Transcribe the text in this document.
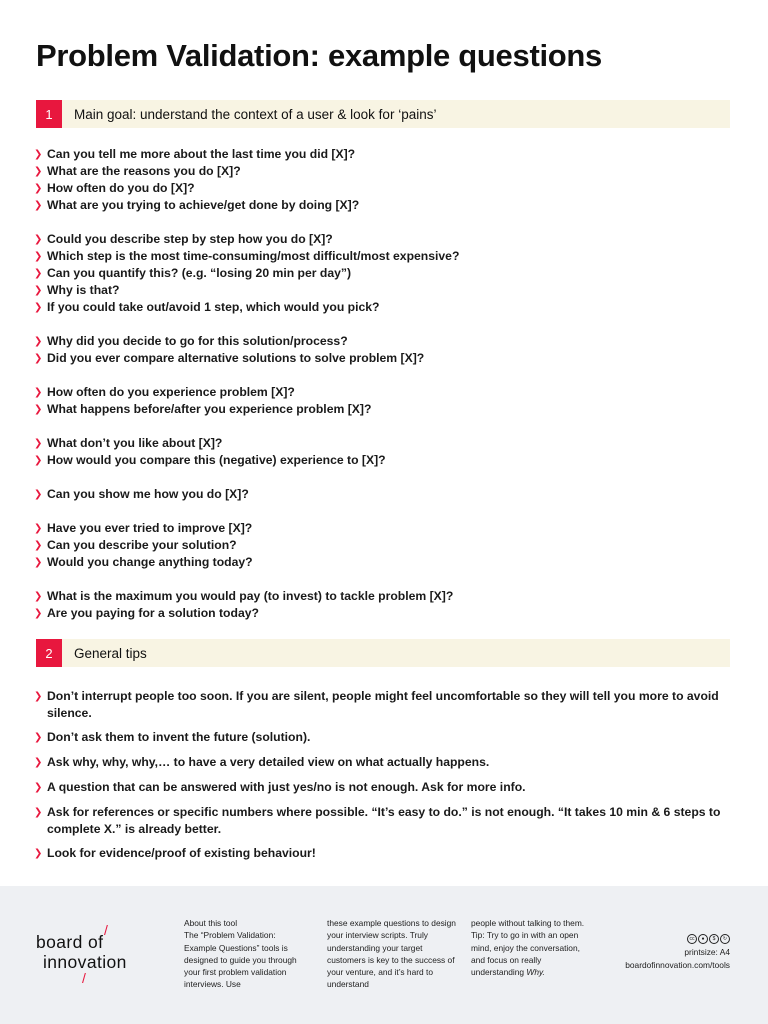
Problem Validation: example questions
1	Main goal: understand the context of a user & look for ‘pains’
❯ Can you tell me more about the last time you did [X]?
❯ What are the reasons you do [X]?
❯ How often do you do [X]?
❯ What are you trying to achieve/get done by doing [X]?
❯ Could you describe step by step how you do [X]?
❯ Which step is the most time-consuming/most difficult/most expensive?
❯ Can you quantify this? (e.g. “losing 20 min per day”)
❯ Why is that?
❯ If you could take out/avoid 1 step, which would you pick?
❯ Why did you decide to go for this solution/process?
❯ Did you ever compare alternative solutions to solve problem [X]?
❯ How often do you experience problem [X]?
❯ What happens before/after you experience problem [X]?
❯ What don’t you like about [X]?
❯ How would you compare this (negative) experience to [X]?
❯ Can you show me how you do [X]?
❯ Have you ever tried to improve [X]?
❯ Can you describe your solution?
❯ Would you change anything today?
❯ What is the maximum you would pay (to invest) to tackle problem [X]?
❯ Are you paying for a solution today?
2	General tips
❯ Don’t interrupt people too soon. If you are silent, people might feel uncomfortable so they will tell you more to avoid silence.
❯ Don’t ask them to invent the future (solution).
❯ Ask why, why, why,… to have a very detailed view on what actually happens.
❯ A question that can be answered with just yes/no is not enough. Ask for more info.
❯ Ask for references or specific numbers where possible. “It’s easy to do.” is not enough. “It takes 10 min & 6 steps to complete X.” is already better.
❯ Look for evidence/proof of existing behaviour!
/
board of
innovation
/
About this tool
The “Problem Validation: Example Questions” tools is designed to guide you through your first problem validation interviews. Use
these example questions to design your interview scripts. Truly understanding your target customers is key to the success of your venture, and it’s hard to understand
people without talking to them. Tip: Try to go in with an open mind, enjoy the conversation, and focus on really understanding Why.
cc	●	$	↻
printsize: A4
boardofinnovation.com/tools
